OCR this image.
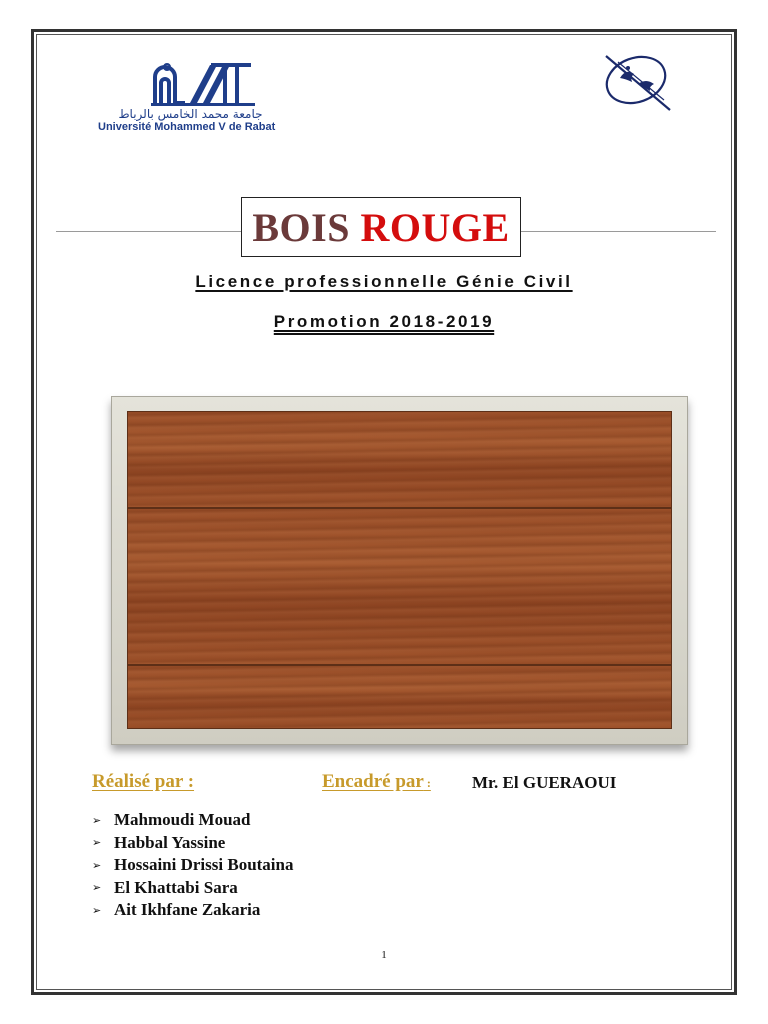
جامعة محمد الخامس بالرباط
Université Mohammed V de Rabat
BOIS
ROUGE
Licence professionnelle Génie Civil
Promotion 2018-2019
Réalisé par :	Encadré par : Mr. El GUERAOUI
➢ Mahmoudi Mouad
➢ Habbal Yassine
➢ Hossaini Drissi Boutaina
➢ El Khattabi Sara
➢ Ait Ikhfane Zakaria
1
